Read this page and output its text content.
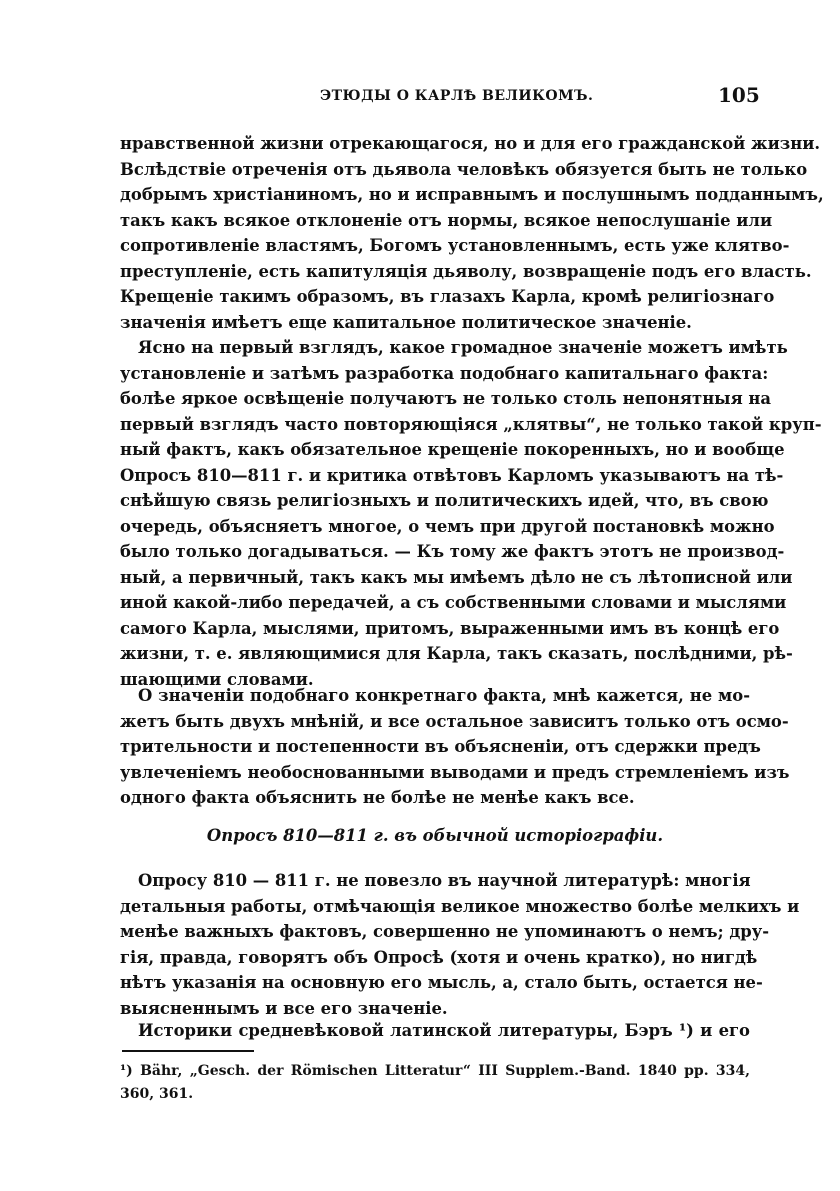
ЭТЮДЫ О КАРЛѢ ВЕЛИКОМЪ.	105
нравственной жизни отрекающагося, но и для его гражданской жизни.
Вслѣдствіе отреченія отъ дьявола человѣкъ обязуется быть не только
добрымъ христіаниномъ, но и исправнымъ и послушнымъ подданнымъ,
такъ какъ всякое отклоненіе отъ нормы, всякое непослушаніе или
сопротивленіе властямъ, Богомъ установленнымъ, есть уже клятво-
преступленіе, есть капитуляція дьяволу, возвращеніе подъ его власть.
Крещеніе такимъ образомъ, въ глазахъ Карла, кромѣ религіознаго
значенія имѣетъ еще капитальное политическое значеніе.
Ясно на первый взглядъ, какое громадное значеніе можетъ имѣть
установленіе и затѣмъ разработка подобнаго капитальнаго факта:
болѣе яркое освѣщеніе получаютъ не только столь непонятныя на
первый взглядъ часто повторяющіяся „клятвы“, не только такой круп-
ный фактъ, какъ обязательное крещеніе покоренныхъ, но и вообще
Опросъ 810—811 г. и критика отвѣтовъ Карломъ указываютъ на тѣ-
снѣйшую связь религіозныхъ и политическихъ идей, что, въ свою
очередь, объясняетъ многое, о чемъ при другой постановкѣ можно
было только догадываться. — Къ тому же фактъ этотъ не производ-
ный, а первичный, такъ какъ мы имѣемъ дѣло не съ лѣтописной или
иной какой-либо передачей, а съ собственными словами и мыслями
самого Карла, мыслями, притомъ, выраженными имъ въ концѣ его
жизни, т. е. являющимися для Карла, такъ сказать, послѣдними, рѣ-
шающими словами.
О значеніи подобнаго конкретнаго факта, мнѣ кажется, не мо-
жетъ быть двухъ мнѣній, и все остальное зависитъ только отъ осмо-
трительности и постепенности въ объясненіи, отъ сдержки предъ
увлеченіемъ необоснованными выводами и предъ стремленіемъ изъ
одного факта объяснить не болѣе не менѣе какъ все.
Опросъ 810—811 г. въ обычной исторіографіи.
Опросу 810 — 811 г. не повезло въ научной литературѣ: многія
детальныя работы, отмѣчающія великое множество болѣе мелкихъ и
менѣе важныхъ фактовъ, совершенно не упоминаютъ о немъ; дру-
гія, правда, говорятъ объ Опросѣ (хотя и очень кратко), но нигдѣ
нѣтъ указанія на основную его мысль, а, стало быть, остается не-
выясненнымъ и все его значеніе.
Историки средневѣковой латинской литературы, Бэръ ¹) и его
¹) Bähr, „Gesch. der Römischen Litteratur“ III Supplem.-Band. 1840 pp. 334,
360, 361.
